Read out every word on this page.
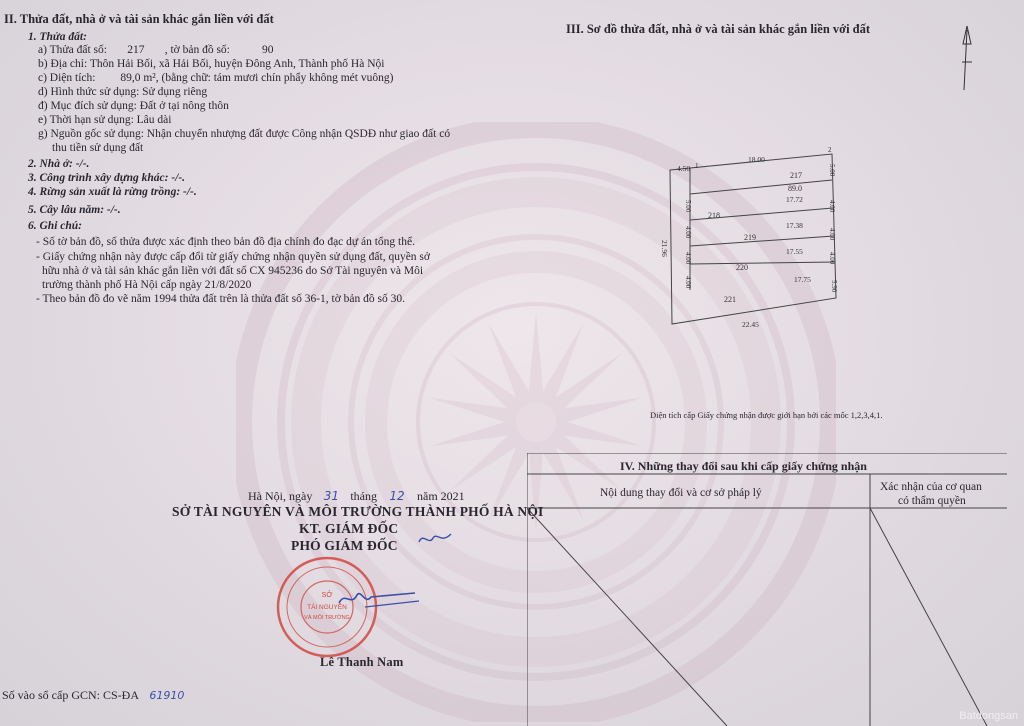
II. Thửa đất, nhà ở và tài sản khác gắn liền với đất
1. Thửa đất:
a) Thửa đất số: 217 , tờ bản đồ số:	90
b) Địa chỉ: Thôn Hải Bối, xã Hải Bối, huyện Đông Anh, Thành phố Hà Nội
c) Diện tích: 89,0 m², (bằng chữ: tám mươi chín phẩy không mét vuông)
d) Hình thức sử dụng: Sử dụng riêng
đ) Mục đích sử dụng: Đất ở tại nông thôn
e) Thời hạn sử dụng: Lâu dài
g) Nguồn gốc sử dụng: Nhận chuyển nhượng đất được Công nhận QSDĐ như giao đất có
thu tiền sử dụng đất
2. Nhà ở: -/-.
3. Công trình xây dựng khác: -/-.
4. Rừng sản xuất là rừng trồng: -/-.
5. Cây lâu năm: -/-.
6. Ghi chú:
- Số tờ bản đồ, số thửa được xác định theo bản đồ địa chính đo đạc dự án tổng thể.
- Giấy chứng nhận này được cấp đổi từ giấy chứng nhận quyền sử dụng đất, quyền sở
hữu nhà ở và tài sản khác gắn liền với đất số CX 945236 do Sở Tài nguyên và Môi
trường thành phố Hà Nội cấp ngày 21/8/2020
- Theo bản đồ đo vẽ năm 1994 thửa đất trên là thửa đất số 36-1, tờ bản đồ số 30.
III. Sơ đồ thửa đất, nhà ở và tài sản khác gắn liền với đất
4.50 1
18.00
2
217
89.0
17.72
218
17.38
219
17.55
220
17.75
221
22.45
5.00
4.00
4.00
4.00
21.96
5.00
4.00
4.00
4.00
5.90
Diện tích cấp Giấy chứng nhận được giới hạn bởi các mốc 1,2,3,4,1.
IV. Những thay đổi sau khi cấp giấy chứng nhận
Nội dung thay đổi và cơ sở pháp lý	Xác nhận của cơ quan
có thẩm quyền
Hà Nội, ngày 31 tháng 12 năm 2021
SỞ TÀI NGUYÊN VÀ MÔI TRƯỜNG THÀNH PHỐ HÀ NỘI
KT. GIÁM ĐỐC
PHÓ GIÁM ĐỐC
SỞ
TÀI NGUYÊN
VÀ MÔI TRƯỜNG
Lê Thanh Nam
Số vào sổ cấp GCN: CS-ĐA 61910
Batdongsan
